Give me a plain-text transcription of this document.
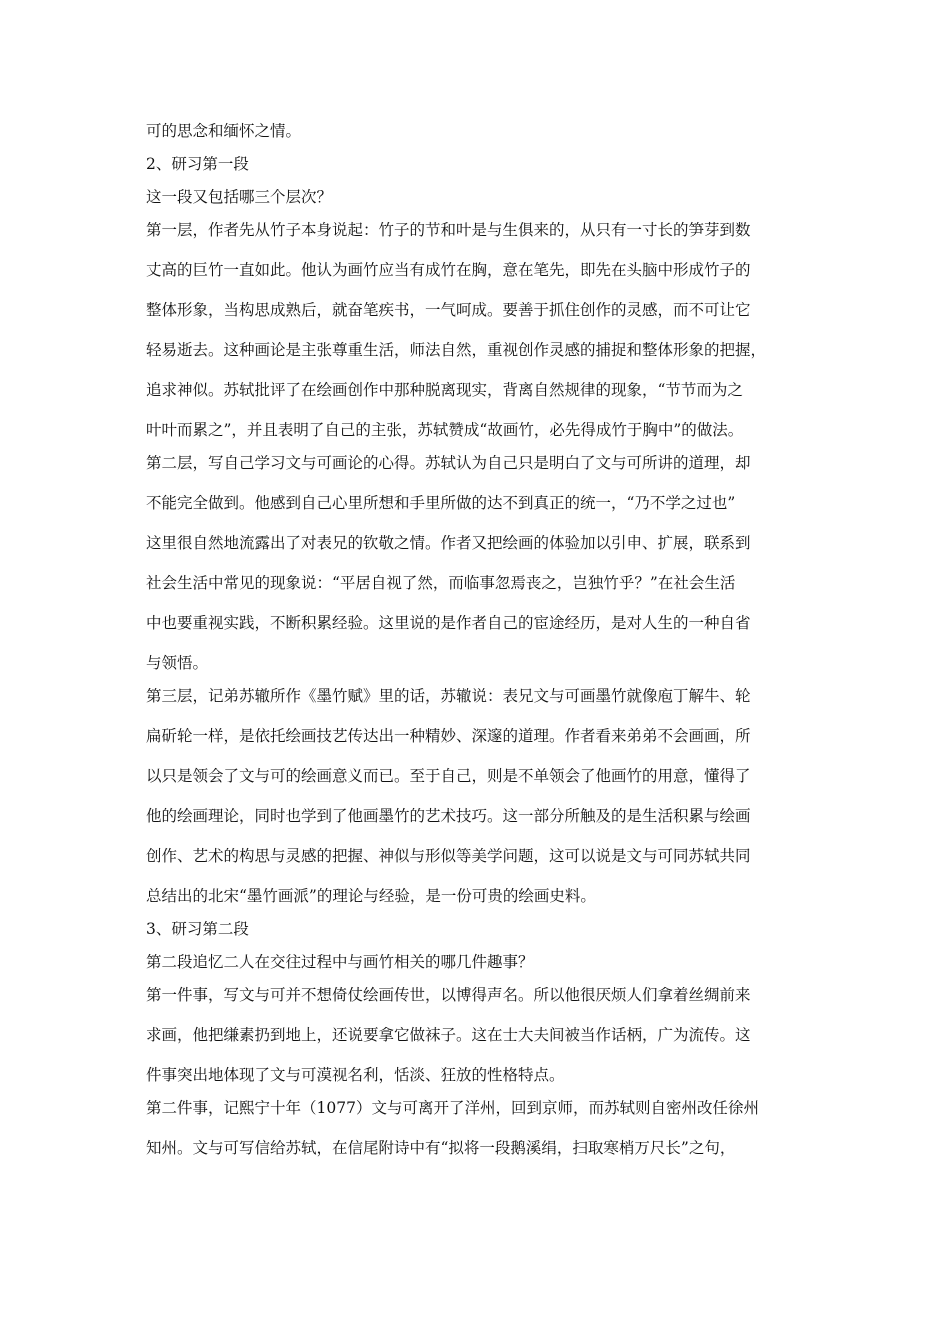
可的思念和缅怀之情。
2、研习第一段
这一段又包括哪三个层次？
第一层，作者先从竹子本身说起：竹子的节和叶是与生俱来的，从只有一寸长的笋芽到数
丈高的巨竹一直如此。他认为画竹应当有成竹在胸，意在笔先，即先在头脑中形成竹子的
整体形象，当构思成熟后，就奋笔疾书，一气呵成。要善于抓住创作的灵感，而不可让它
轻易逝去。这种画论是主张尊重生活，师法自然，重视创作灵感的捕捉和整体形象的把握，
追求神似。苏轼批评了在绘画创作中那种脱离现实，背离自然规律的现象，“节节而为之
叶叶而累之”，并且表明了自己的主张，苏轼赞成“故画竹，必先得成竹于胸中”的做法。
第二层，写自己学习文与可画论的心得。苏轼认为自己只是明白了文与可所讲的道理，却
不能完全做到。他感到自己心里所想和手里所做的达不到真正的统一，“乃不学之过也”
这里很自然地流露出了对表兄的钦敬之情。作者又把绘画的体验加以引申、扩展，联系到
社会生活中常见的现象说：“平居自视了然，而临事忽焉丧之，岂独竹乎？”在社会生活
中也要重视实践，不断积累经验。这里说的是作者自己的宦途经历，是对人生的一种自省
与领悟。
第三层，记弟苏辙所作《墨竹赋》里的话，苏辙说：表兄文与可画墨竹就像庖丁解牛、轮
扁斫轮一样，是依托绘画技艺传达出一种精妙、深邃的道理。作者看来弟弟不会画画，所
以只是领会了文与可的绘画意义而已。至于自己，则是不单领会了他画竹的用意，懂得了
他的绘画理论，同时也学到了他画墨竹的艺术技巧。这一部分所触及的是生活积累与绘画
创作、艺术的构思与灵感的把握、神似与形似等美学问题，这可以说是文与可同苏轼共同
总结出的北宋“墨竹画派”的理论与经验，是一份可贵的绘画史料。
3、研习第二段
第二段追忆二人在交往过程中与画竹相关的哪几件趣事？
第一件事，写文与可并不想倚仗绘画传世，以博得声名。所以他很厌烦人们拿着丝绸前来
求画，他把缣素扔到地上，还说要拿它做袜子。这在士大夫间被当作话柄，广为流传。这
件事突出地体现了文与可漠视名利，恬淡、狂放的性格特点。
第二件事，记熙宁十年（1077）文与可离开了洋州，回到京师，而苏轼则自密州改任徐州
知州。文与可写信给苏轼，在信尾附诗中有“拟将一段鹅溪绢，扫取寒梢万尺长”之句，
